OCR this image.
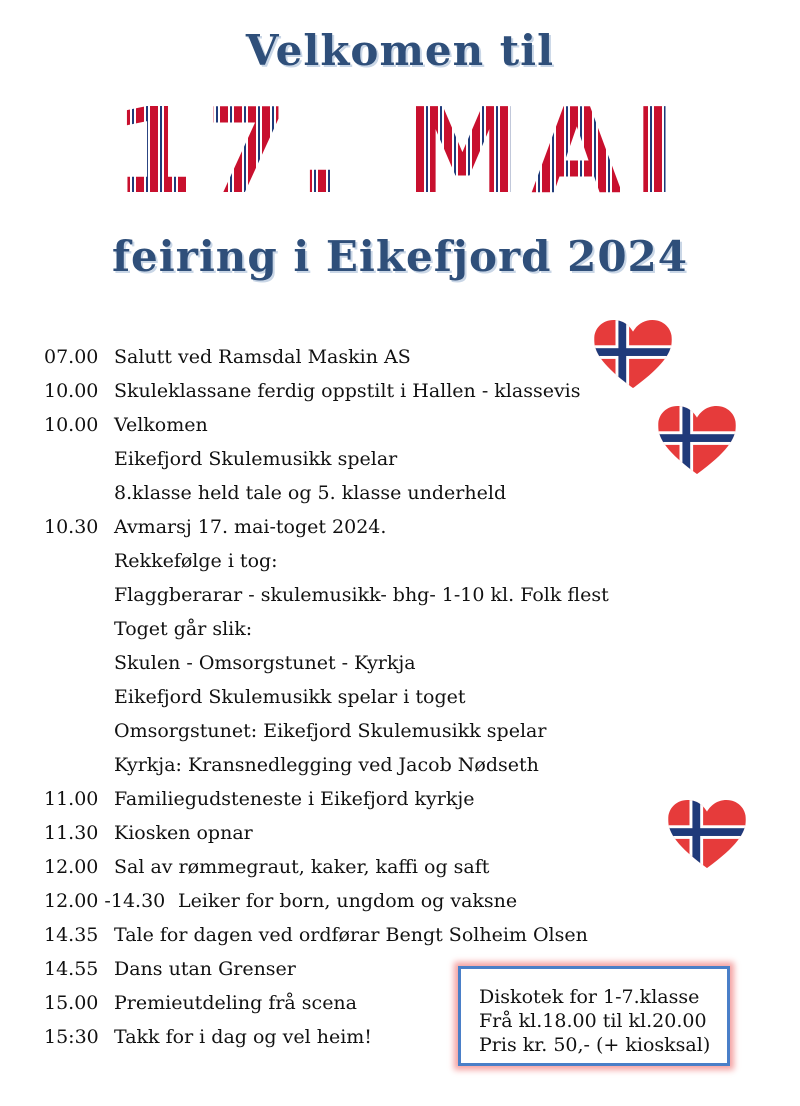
Velkomen til
17. MAI
feiring i Eikefjord 2024
07.00 Salutt ved Ramsdal Maskin AS
10.00 Skuleklassane ferdig oppstilt i Hallen - klassevis
10.00 Velkomen
Eikefjord Skulemusikk spelar
8.klasse held tale og 5. klasse underheld
10.30 Avmarsj 17. mai-toget 2024.
Rekkefølge i tog:
Flaggberarar - skulemusikk- bhg- 1-10 kl. Folk flest
Toget går slik:
Skulen - Omsorgstunet - Kyrkja
Eikefjord Skulemusikk spelar i toget
Omsorgstunet: Eikefjord Skulemusikk spelar
Kyrkja: Kransnedlegging ved Jacob Nødseth
11.00 Familiegudsteneste i Eikefjord kyrkje
11.30 Kiosken opnar
12.00 Sal av rømmegraut, kaker, kaffi og saft
12.00 -14.30 Leiker for born, ungdom og vaksne
14.35 Tale for dagen ved ordførar Bengt Solheim Olsen
14.55 Dans utan Grenser
15.00 Premieutdeling frå scena
15:30 Takk for i dag og vel heim!
Diskotek for 1-7.klasse
Frå kl.18.00 til kl.20.00
Pris kr. 50,- (+ kiosksal)
